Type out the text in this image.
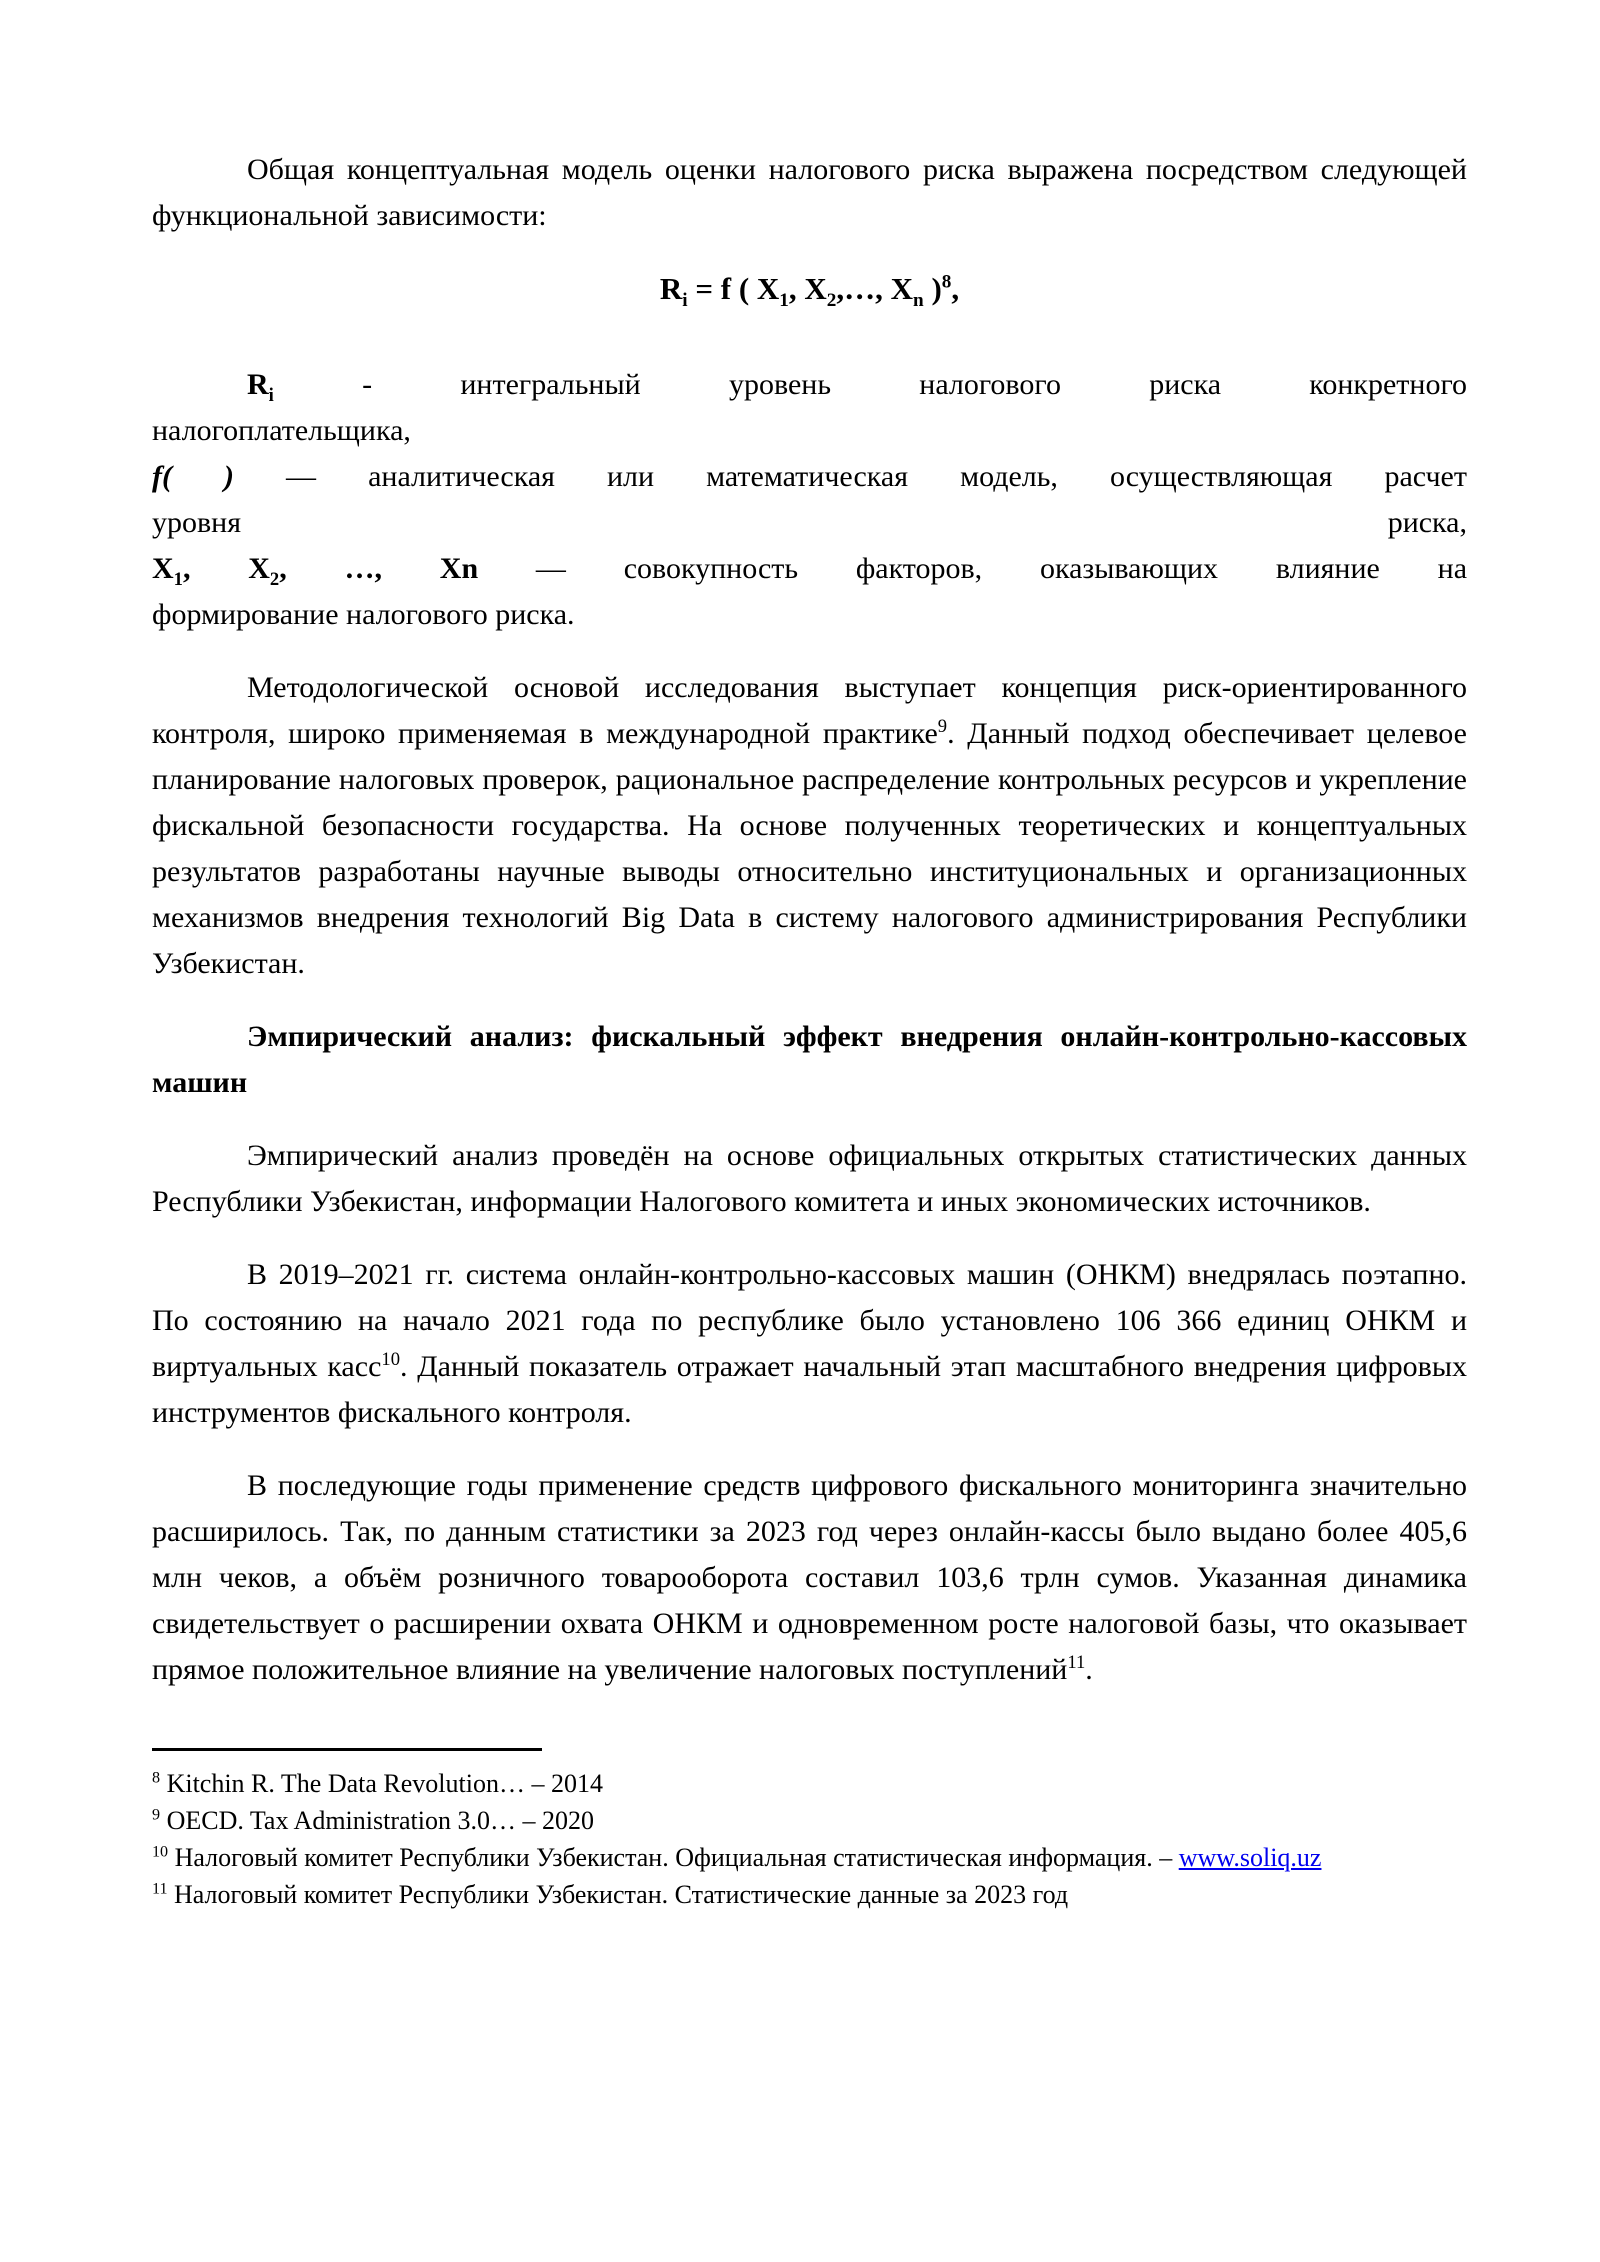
Общая концептуальная модель оценки налогового риска выражена посредством следующей функциональной зависимости:

$R_i = f$ ( $X_1$, $X_2,\dots$, $X_n$ )$^8$,
$R_i$ - интегральный уровень налогового риска конкретного
налогоплательщика,
f( ) — аналитическая или математическая модель, осуществляющая расчет
уровня риска,
$X_1$, $X_2$, …, Xn — совокупность факторов, оказывающих влияние на
формирование налогового риска.

Методологической основой исследования выступает концепция риск-ориентированного контроля, широко применяемая в международной практике$^9$. Данный подход обеспечивает целевое планирование налоговых проверок, рациональное распределение контрольных ресурсов и укрепление фискальной безопасности государства. На основе полученных теоретических и концептуальных результатов разработаны научные выводы относительно институциональных и организационных механизмов внедрения технологий Big Data в систему налогового администрирования Республики Узбекистан.

Эмпирический анализ: фискальный эффект внедрения онлайн-контрольно-кассовых машин

Эмпирический анализ проведён на основе официальных открытых статистических данных Республики Узбекистан, информации Налогового комитета и иных экономических источников.

В 2019–2021 гг. система онлайн-контрольно-кассовых машин (ОНКМ) внедрялась поэтапно. По состоянию на начало 2021 года по республике было установлено 106 366 единиц ОНКМ и виртуальных касс$^{10}$. Данный показатель отражает начальный этап масштабного внедрения цифровых инструментов фискального контроля.

В последующие годы применение средств цифрового фискального мониторинга значительно расширилось. Так, по данным статистики за 2023 год через онлайн-кассы было выдано более 405,6 млн чеков, а объём розничного товарооборота составил 103,6 трлн сумов. Указанная динамика свидетельствует о расширении охвата ОНКМ и одновременном росте налоговой базы, что оказывает прямое положительное влияние на увеличение налоговых поступлений$^{11}$.

$^8$ Kitchin R. The Data Revolution… – 2014

$^9$ OECD. Tax Administration 3.0… – 2020

$^{10}$ Налоговый комитет Республики Узбекистан. Официальная статистическая информация. – www.soliq.uz

$^{11}$ Налоговый комитет Республики Узбекистан. Статистические данные за 2023 год
